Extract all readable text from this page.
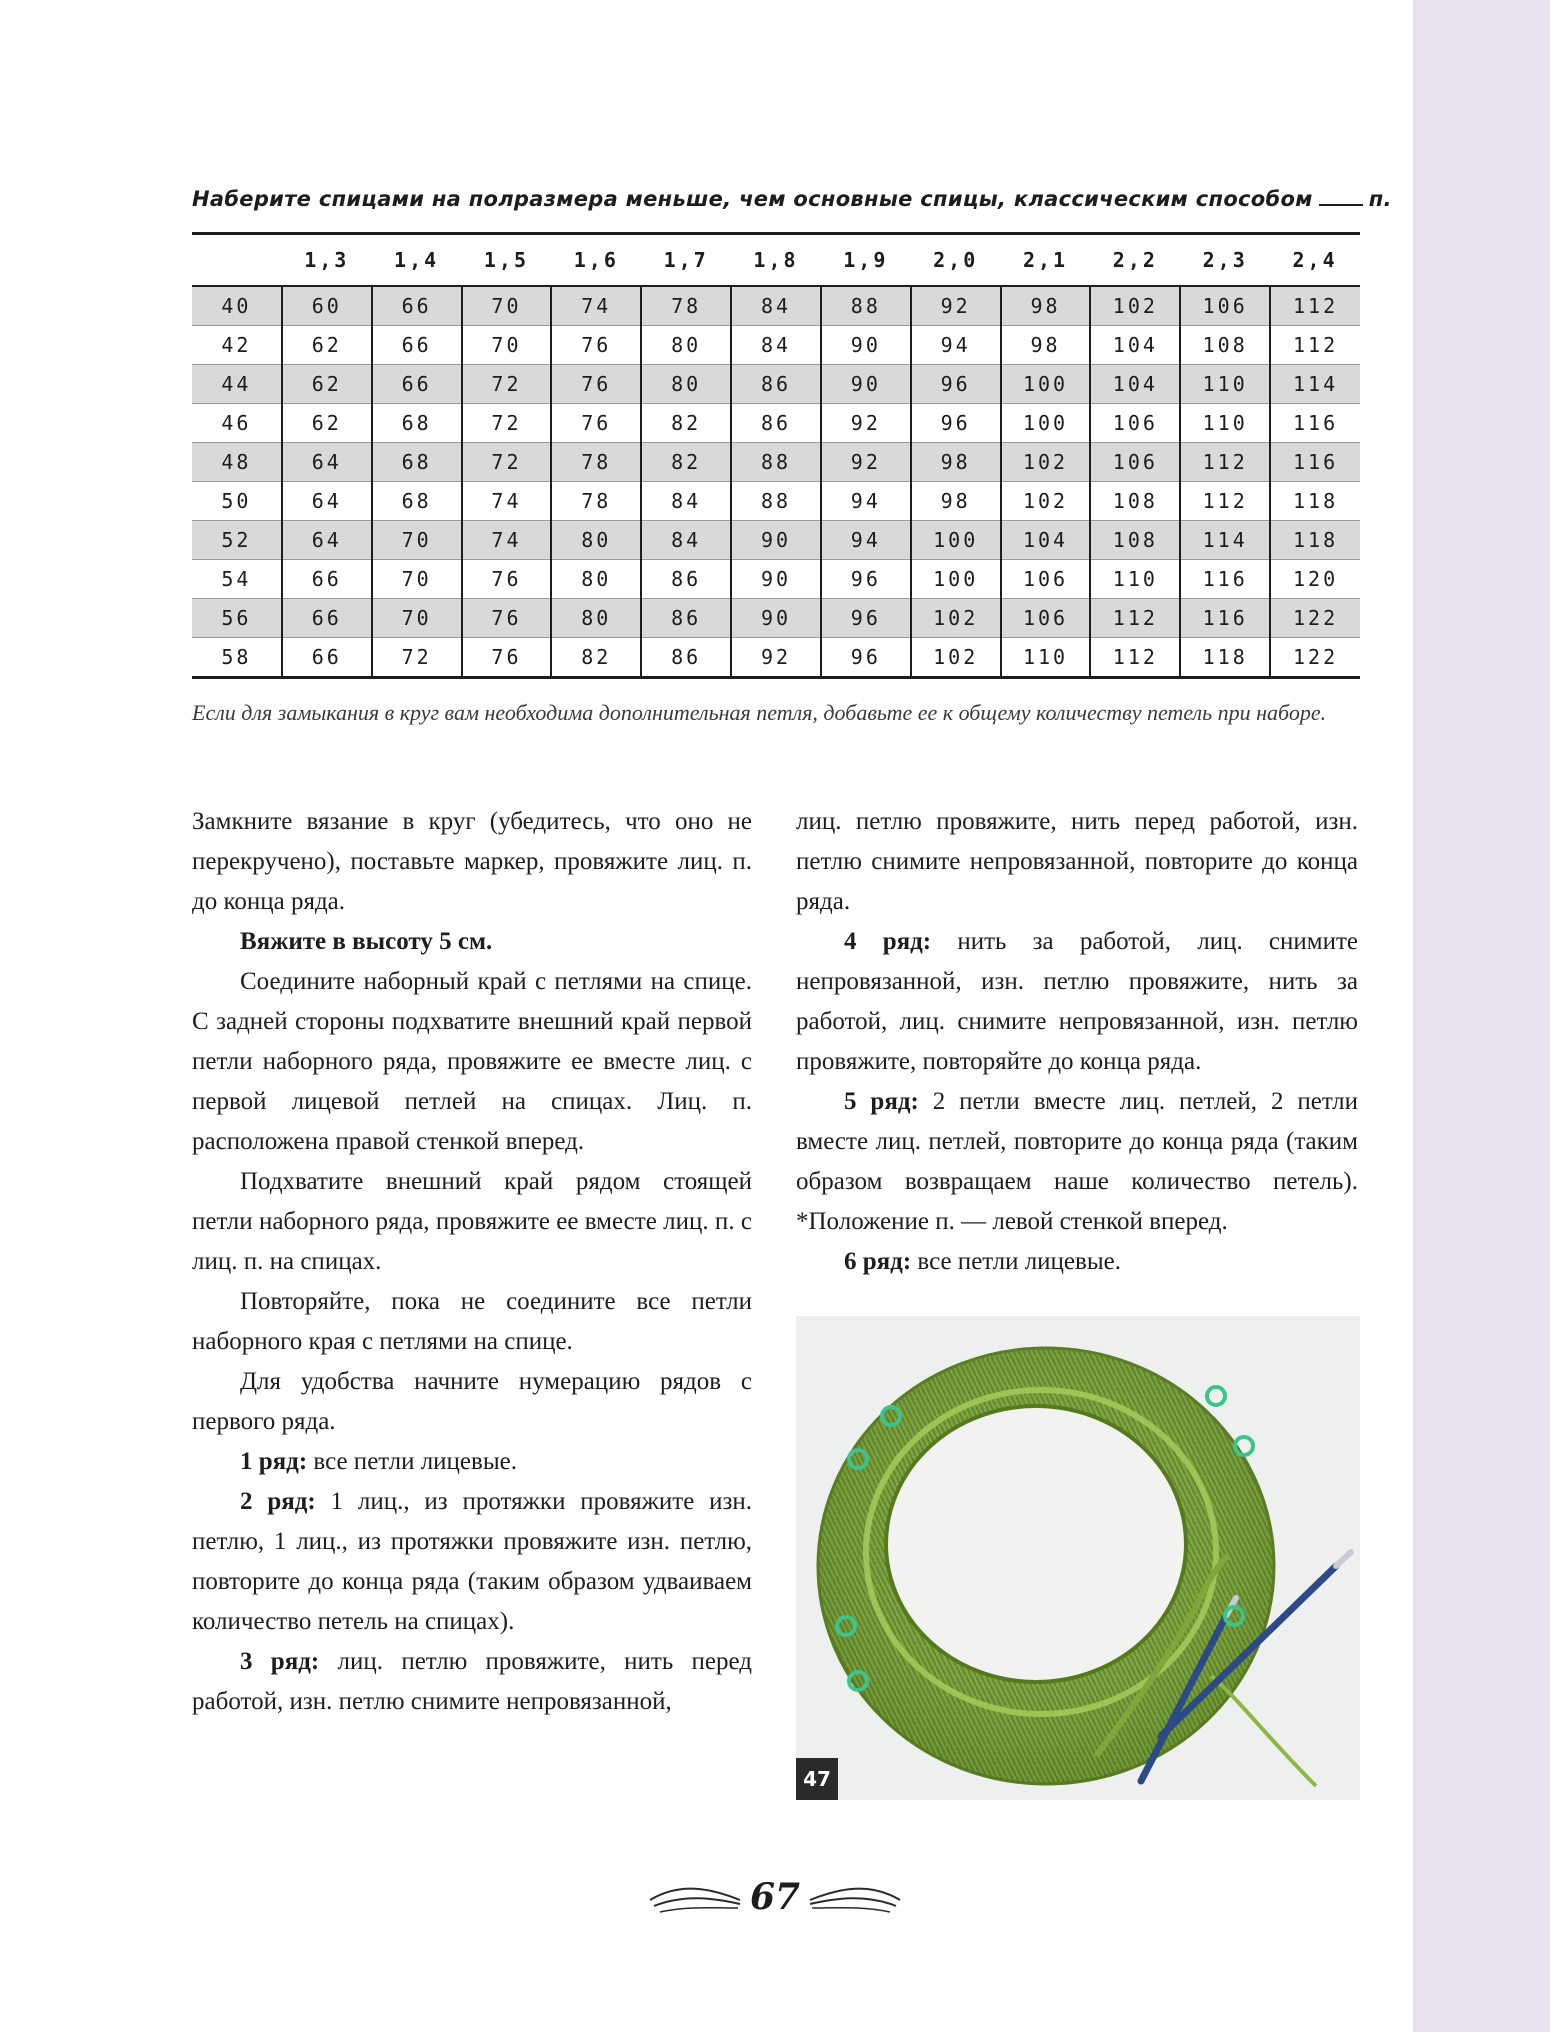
Наберите спицами на полразмера меньше, чем основные спицы, классическим способом	п.
	1,3	1,4	1,5	1,6	1,7	1,8	1,9	2,0	2,1	2,2	2,3	2,4
40	60	66	70	74	78	84	88	92	98	102	106	112
42	62	66	70	76	80	84	90	94	98	104	108	112
44	62	66	72	76	80	86	90	96	100	104	110	114
46	62	68	72	76	82	86	92	96	100	106	110	116
48	64	68	72	78	82	88	92	98	102	106	112	116
50	64	68	74	78	84	88	94	98	102	108	112	118
52	64	70	74	80	84	90	94	100	104	108	114	118
54	66	70	76	80	86	90	96	100	106	110	116	120
56	66	70	76	80	86	90	96	102	106	112	116	122
58	66	72	76	82	86	92	96	102	110	112	118	122
Если для замыкания в круг вам необходима дополнительная петля, добавьте ее к общему количеству петель при наборе.

Замкните вязание в круг (убедитесь, что оно не перекручено), поставьте маркер, провяжите лиц. п. до конца ряда.

Вяжите в высоту 5 см.

Соедините наборный край с петлями на спице. С задней стороны подхватите внешний край первой петли наборного ряда, провяжите ее вместе лиц. с первой лицевой петлей на спицах. Лиц. п. расположена правой стенкой вперед.

Подхватите внешний край рядом стоящей петли наборного ряда, провяжите ее вместе лиц. п. с лиц. п. на спицах.

Повторяйте, пока не соедините все петли наборного края с петлями на спице.

Для удобства начните нумерацию рядов с первого ряда.

1 ряд: все петли лицевые.

2 ряд: 1 лиц., из протяжки провяжите изн. петлю, 1 лиц., из протяжки провяжите изн. петлю, повторите до конца ряда (таким образом удваиваем количество петель на спицах).

3 ряд: лиц. петлю провяжите, нить перед работой, изн. петлю снимите непровязанной,

лиц. петлю провяжите, нить перед работой, изн. петлю снимите непровязанной, повторите до конца ряда.

4 ряд: нить за работой, лиц. снимите непровязанной, изн. петлю провяжите, нить за работой, лиц. снимите непровязанной, изн. петлю провяжите, повторяйте до конца ряда.

5 ряд: 2 петли вместе лиц. петлей, 2 петли вместе лиц. петлей, повторите до конца ряда (таким образом возвращаем наше количество петель). *Положение п. — левой стенкой вперед.

6 ряд: все петли лицевые.

47
67
